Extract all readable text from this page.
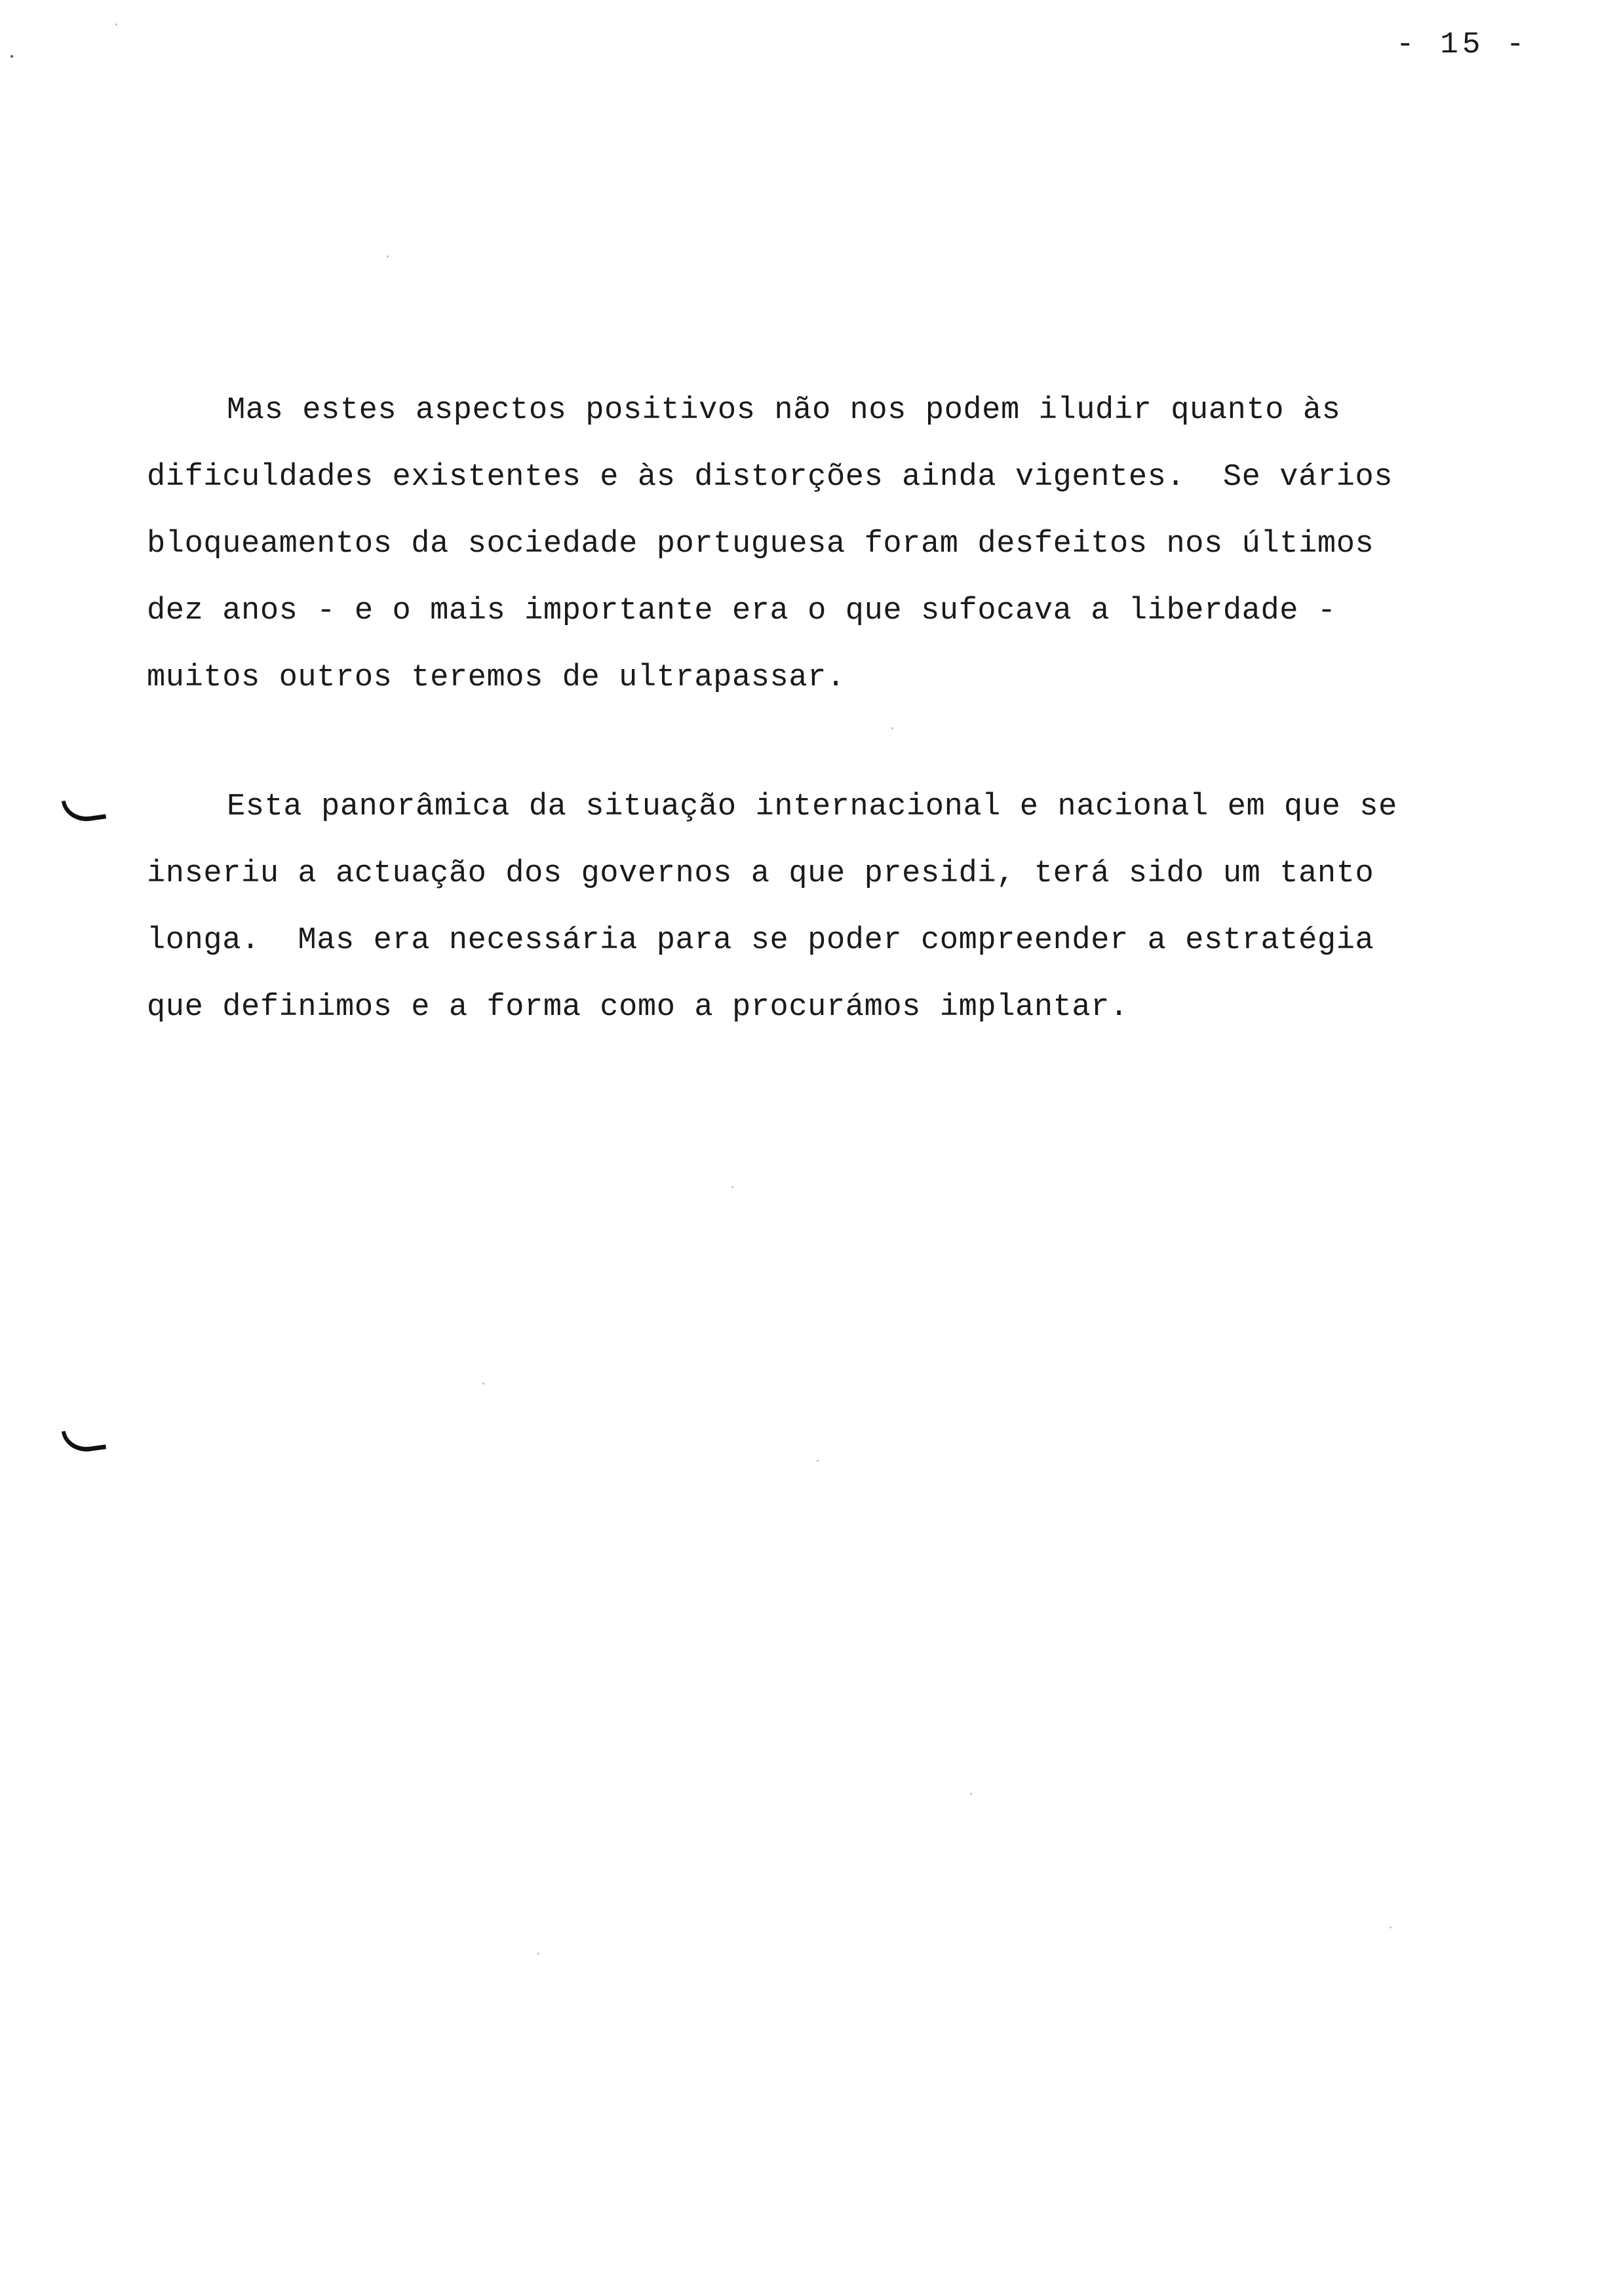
- 15 -
Mas estes aspectos positivos não nos podem iludir quanto às
dificuldades existentes e às distorções ainda vigentes.  Se vários
bloqueamentos da sociedade portuguesa foram desfeitos nos últimos
dez anos - e o mais importante era o que sufocava a liberdade -
muitos outros teremos de ultrapassar.
Esta panorâmica da situação internacional e nacional em que se
inseriu a actuação dos governos a que presidi, terá sido um tanto
longa.  Mas era necessária para se poder compreender a estratégia
que definimos e a forma como a procurámos implantar.
